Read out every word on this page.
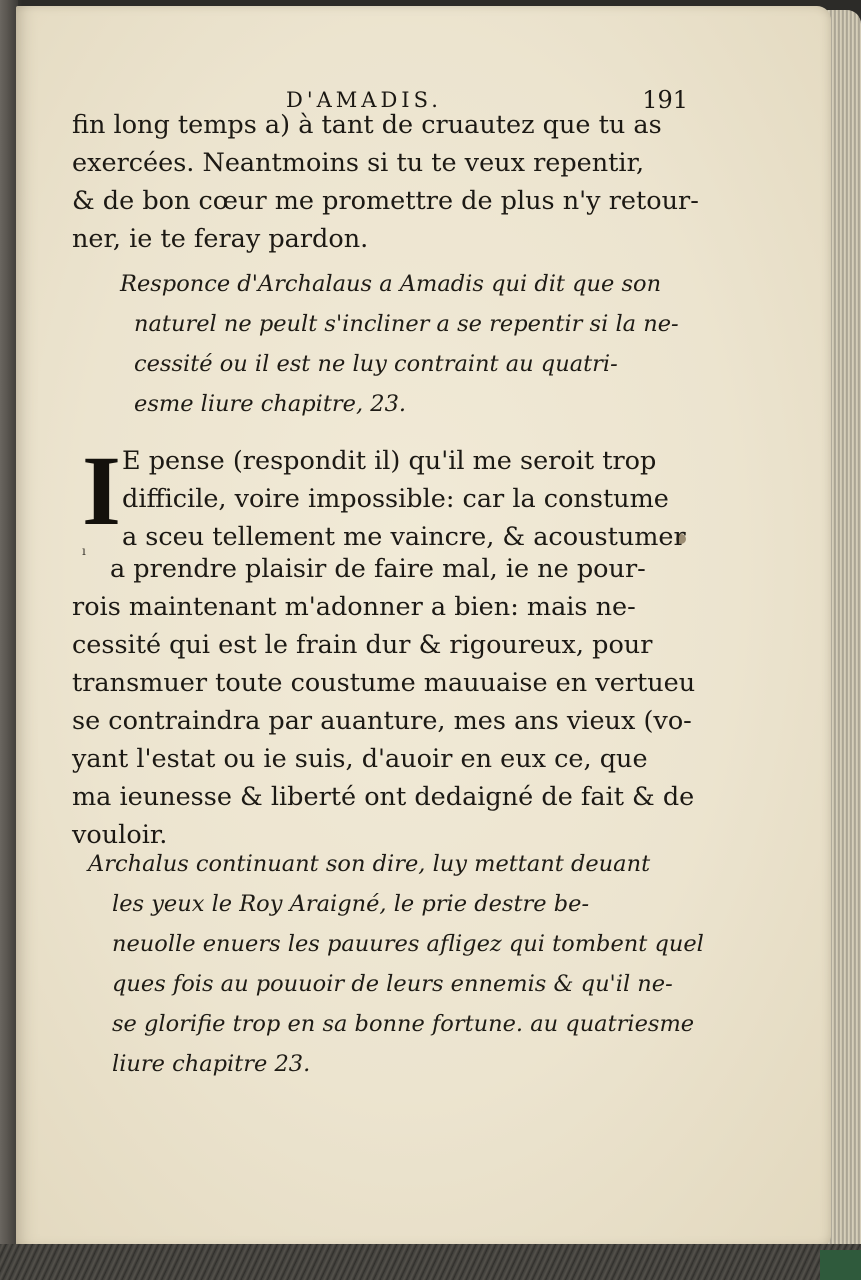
D'AMADIS.	191
fin long temps a) à tant de cruautez que tu as
exercées. Neantmoins si tu te veux repentir,
& de bon cœur me promettre de plus n'y retour-
ner, ie te feray pardon.
Responce d'Archalaus a Amadis qui dit que son
naturel ne peult s'incliner a se repentir si la ne-
cessité ou il est ne luy contraint au quatri-
esme liure chapitre, 23.
I
ı
E pense (respondit il) qu'il me seroit trop
difficile, voire impossible: car la constume
a sceu tellement me vaincre, & acoustumer
a prendre plaisir de faire mal, ie ne pour-
rois maintenant m'adonner a bien: mais ne-
cessité qui est le frain dur & rigoureux, pour
transmuer toute coustume mauuaise en vertueu
se contraindra par auanture, mes ans vieux (vo-
yant l'estat ou ie suis, d'auoir en eux ce, que
ma ieunesse & liberté ont dedaigné de fait & de
vouloir.
Archalus continuant son dire, luy mettant deuant
les yeux le Roy Araigné, le prie destre be-
neuolle enuers les pauures afligez qui tombent quel
ques fois au pouuoir de leurs ennemis & qu'il ne-
se glorifie trop en sa bonne fortune. au quatriesme
liure chapitre 23.
